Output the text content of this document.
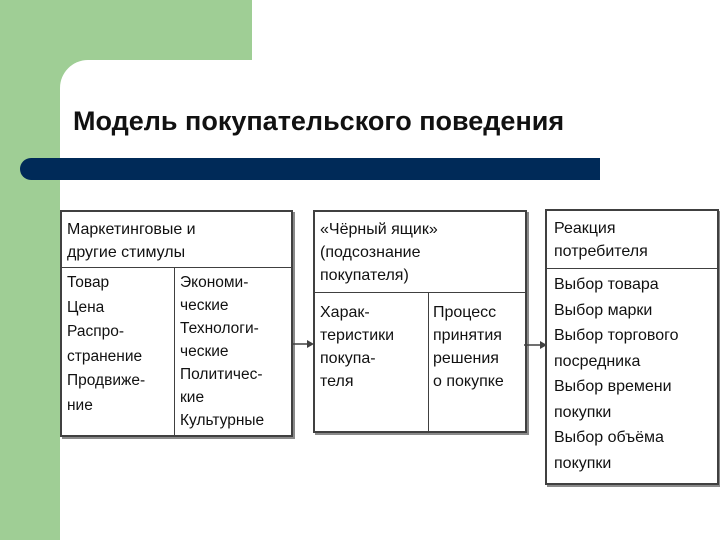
Модель покупательского поведения
Маркетинговые и
другие стимулы
Товар
Цена
Распро-
странение
Продвиже-
ние
Экономи-
ческие
Технологи-
ческие
Политичес-
кие
Культурные
«Чёрный ящик»
(подсознание
покупателя)
Харак-
теристики
покупа-
теля
Процесс
принятия
решения
о покупке
Реакция
потребителя
Выбор товара
Выбор марки
Выбор торгового
посредника
Выбор времени
покупки
Выбор объёма
покупки
